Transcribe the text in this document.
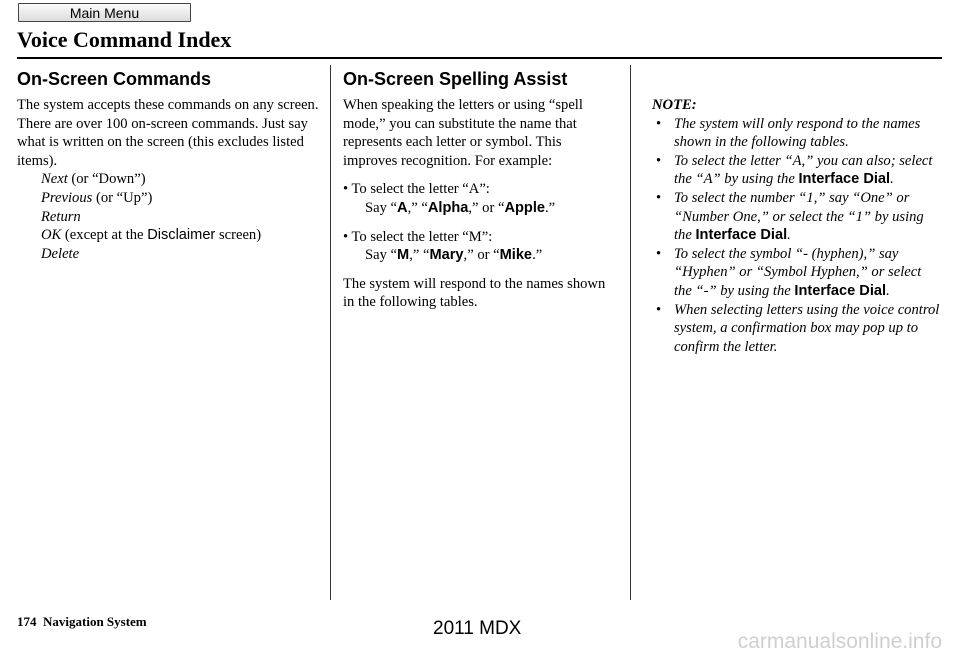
Main Menu
Voice Command Index
On-Screen Commands

The system accepts these commands on any screen. There are over 100 on-screen commands. Just say what is written on the screen (this excludes listed items).

Next (or “Down”)
Previous (or “Up”)
Return
OK (except at the Disclaimer screen)
Delete
On-Screen Spelling Assist

When speaking the letters or using “spell mode,” you can substitute the name that represents each letter or symbol. This improves recognition. For example:

• To select the letter “A”:
Say “A,” “Alpha,” or “Apple.”
• To select the letter “M”:
Say “M,” “Mary,” or “Mike.”

The system will respond to the names shown in the following tables.

NOTE:
• The system will only respond to the names shown in the following tables.
• To select the letter “A,” you can also; select the “A” by using the Interface Dial.
• To select the number “1,” say “One” or “Number One,” or select the “1” by using the Interface Dial.
• To select the symbol “- (hyphen),” say “Hyphen” or “Symbol Hyphen,” or select the “-” by using the Interface Dial.
• When selecting letters using the voice control system, a confirmation box may pop up to confirm the letter.
174 Navigation System	2011 MDX
carmanualsonline.info
